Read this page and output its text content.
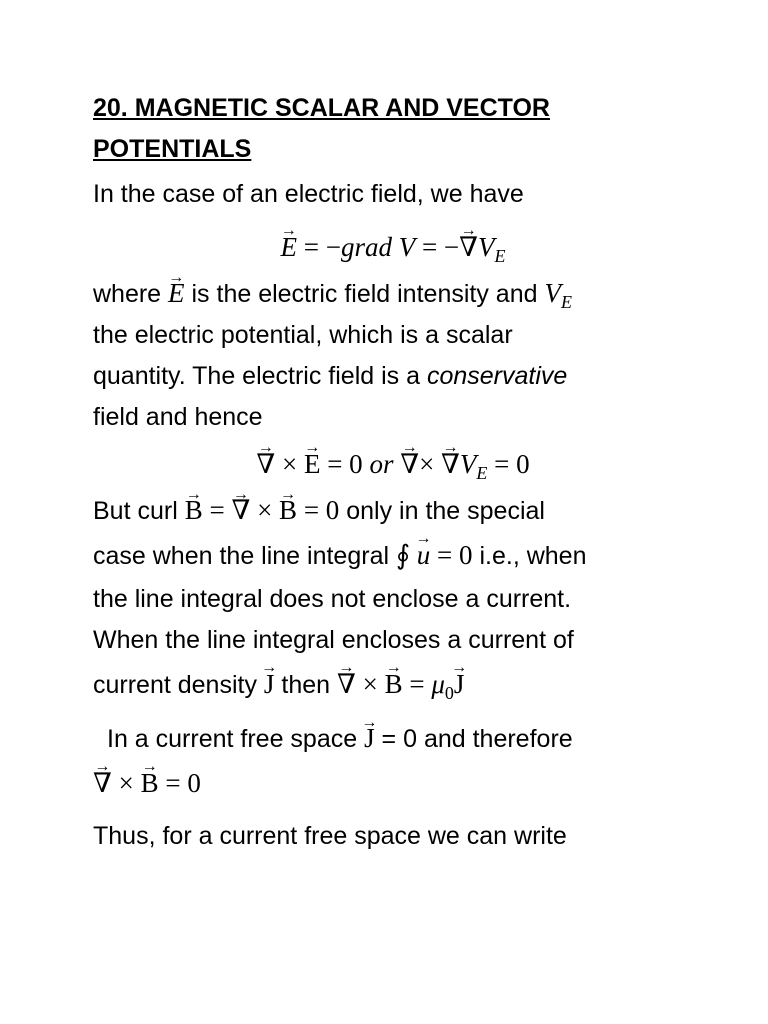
20. MAGNETIC SCALAR AND VECTOR
POTENTIALS

In the case of an electric field, we have

→ E = −grad V = −→ $\nabla V_E$

where → E is the electric field intensity and $V_E$

the electric potential, which is a scalar

quantity. The electric field is a conservative

field and hence

→ ∇ × → E = 0 or → ∇× → $\nabla V_E = 0$

But curl → B = → ∇ × → B = 0 only in the special

case when the line integral ∮ → u = 0 i.e., when

the line integral does not enclose a current.

When the line integral encloses a current of

current density → J then → ∇ × → $B = \mu_0\to J$

In a current free space → J = 0 and therefore

→ ∇ × → B = 0

Thus, for a current free space we can write
